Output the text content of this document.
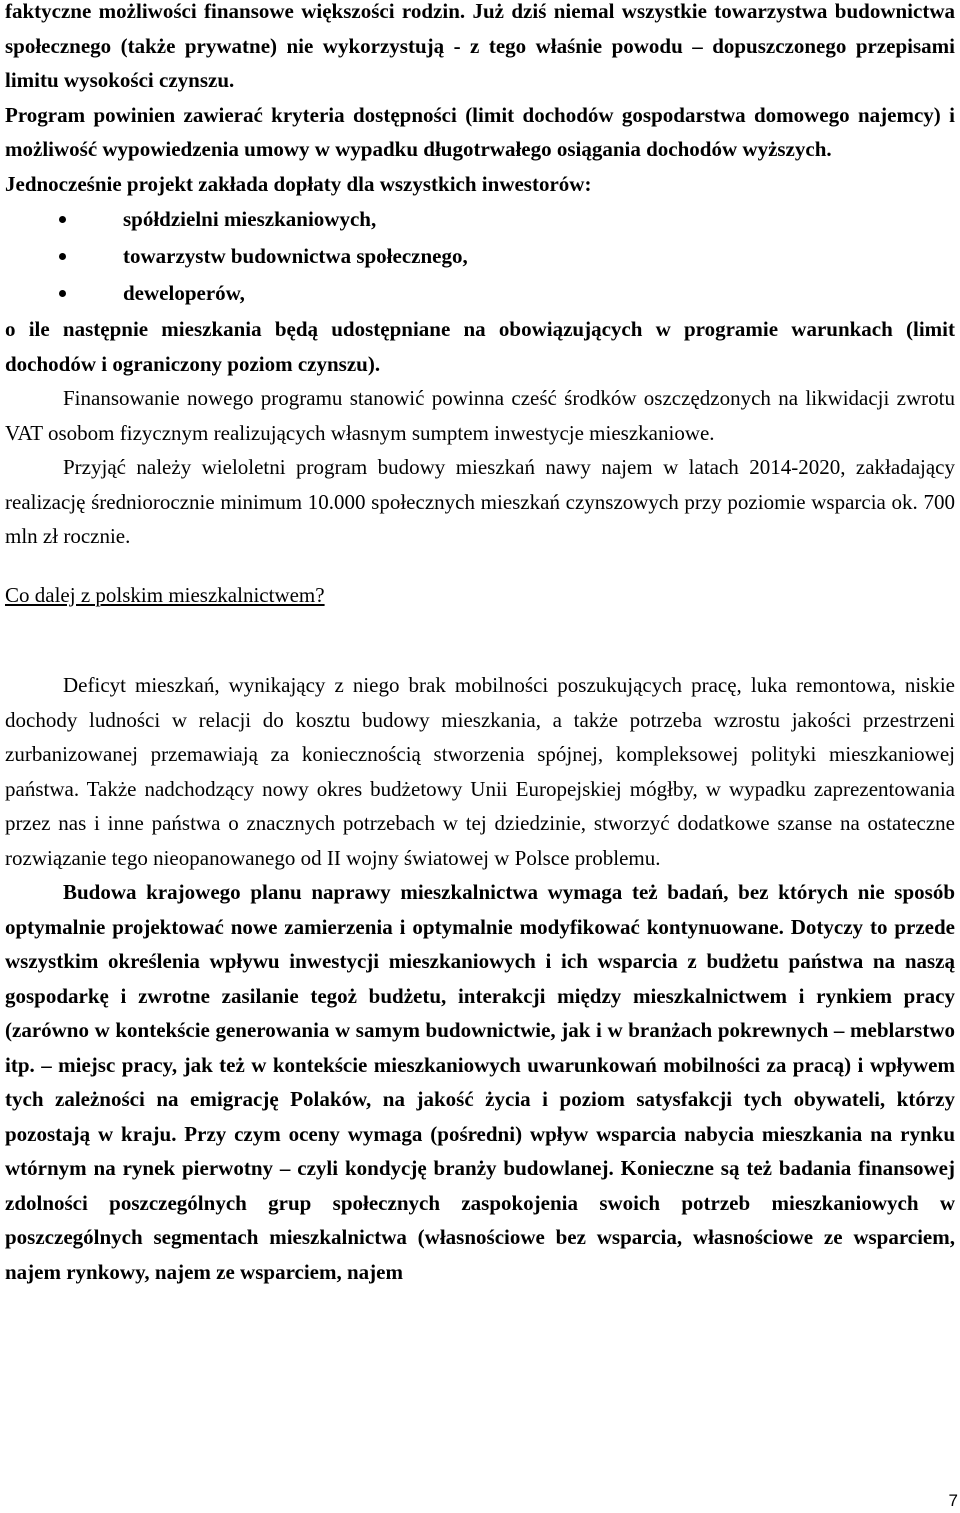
faktyczne możliwości finansowe większości rodzin. Już dziś niemal wszystkie towarzystwa budownictwa społecznego (także prywatne) nie wykorzystują - z tego właśnie powodu – dopuszczonego przepisami limitu wysokości czynszu.

Program powinien zawierać kryteria dostępności (limit dochodów gospodarstwa domowego najemcy) i możliwość wypowiedzenia umowy w wypadku długotrwałego osiągania dochodów wyższych.

Jednocześnie projekt zakłada dopłaty dla wszystkich inwestorów:

spółdzielni mieszkaniowych,
towarzystw budownictwa społecznego,
deweloperów,

o ile następnie mieszkania będą udostępniane na obowiązujących w programie warunkach (limit dochodów i ograniczony poziom czynszu).

Finansowanie nowego programu stanowić powinna cześć środków oszczędzonych na likwidacji zwrotu VAT osobom fizycznym realizujących własnym sumptem inwestycje mieszkaniowe.

Przyjąć należy wieloletni program budowy mieszkań nawy najem w latach 2014-2020, zakładający realizację średniorocznie minimum 10.000 społecznych mieszkań czynszowych przy poziomie wsparcia ok. 700 mln zł rocznie.

Co dalej z polskim mieszkalnictwem?

Deficyt mieszkań, wynikający z niego brak mobilności poszukujących pracę, luka remontowa, niskie dochody ludności w relacji do kosztu budowy mieszkania, a także potrzeba wzrostu jakości przestrzeni zurbanizowanej przemawiają za koniecznością stworzenia spójnej, kompleksowej polityki mieszkaniowej państwa. Także nadchodzący nowy okres budżetowy Unii Europejskiej mógłby, w wypadku zaprezentowania przez nas i inne państwa o znacznych potrzebach w tej dziedzinie, stworzyć dodatkowe szanse na ostateczne rozwiązanie tego nieopanowanego od II wojny światowej w Polsce problemu.

Budowa krajowego planu naprawy mieszkalnictwa wymaga też badań, bez których nie sposób optymalnie projektować nowe zamierzenia i optymalnie modyfikować kontynuowane. Dotyczy to przede wszystkim określenia wpływu inwestycji mieszkaniowych i ich wsparcia z budżetu państwa na naszą gospodarkę i zwrotne zasilanie tegoż budżetu, interakcji między mieszkalnictwem i rynkiem pracy (zarówno w kontekście generowania w samym budownictwie, jak i w branżach pokrewnych – meblarstwo itp. – miejsc pracy, jak też w kontekście mieszkaniowych uwarunkowań mobilności za pracą) i wpływem tych zależności na emigrację Polaków, na jakość życia i poziom satysfakcji tych obywateli, którzy pozostają w kraju. Przy czym oceny wymaga (pośredni) wpływ wsparcia nabycia mieszkania na rynku wtórnym na rynek pierwotny – czyli kondycję branży budowlanej. Konieczne są też badania finansowej zdolności poszczególnych grup społecznych zaspokojenia swoich potrzeb mieszkaniowych w poszczególnych segmentach mieszkalnictwa (własnościowe bez wsparcia, własnościowe ze wsparciem, najem rynkowy, najem ze wsparciem, najem

7
